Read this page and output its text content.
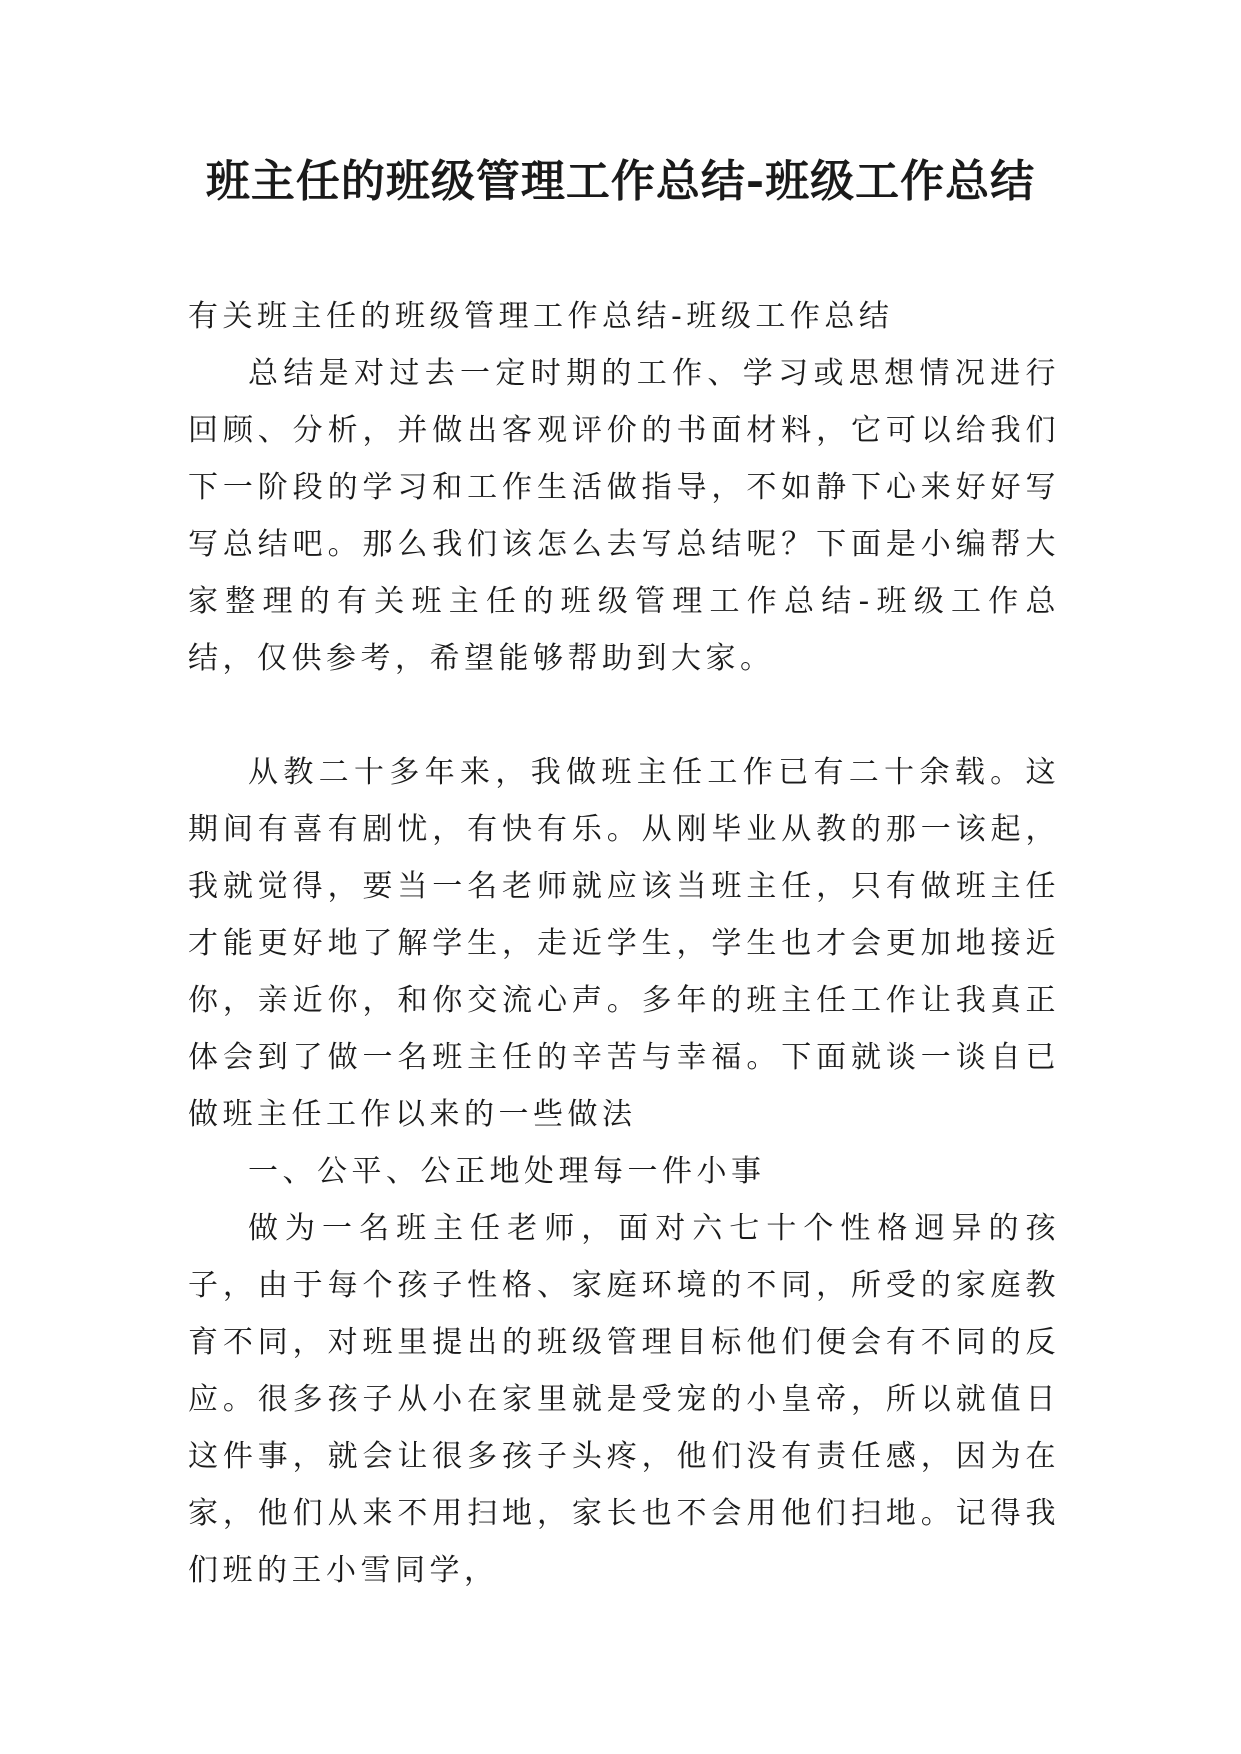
班主任的班级管理工作总结-班级工作总结

有关班主任的班级管理工作总结-班级工作总结

总结是对过去一定时期的工作、学习或思想情况进行回顾、分析，并做出客观评价的书面材料，它可以给我们下一阶段的学习和工作生活做指导，不如静下心来好好写写总结吧。那么我们该怎么去写总结呢？下面是小编帮大家整理的有关班主任的班级管理工作总结-班级工作总结，仅供参考，希望能够帮助到大家。

从教二十多年来，我做班主任工作已有二十余载。这期间有喜有剧忧，有快有乐。从刚毕业从教的那一该起，我就觉得，要当一名老师就应该当班主任，只有做班主任才能更好地了解学生，走近学生，学生也才会更加地接近你，亲近你，和你交流心声。多年的班主任工作让我真正体会到了做一名班主任的辛苦与幸福。下面就谈一谈自已做班主任工作以来的一些做法

一、公平、公正地处理每一件小事

做为一名班主任老师，面对六七十个性格迥异的孩子，由于每个孩子性格、家庭环境的不同，所受的家庭教育不同，对班里提出的班级管理目标他们便会有不同的反应。很多孩子从小在家里就是受宠的小皇帝，所以就值日这件事，就会让很多孩子头疼，他们没有责任感，因为在家，他们从来不用扫地，家长也不会用他们扫地。记得我们班的王小雪同学，
